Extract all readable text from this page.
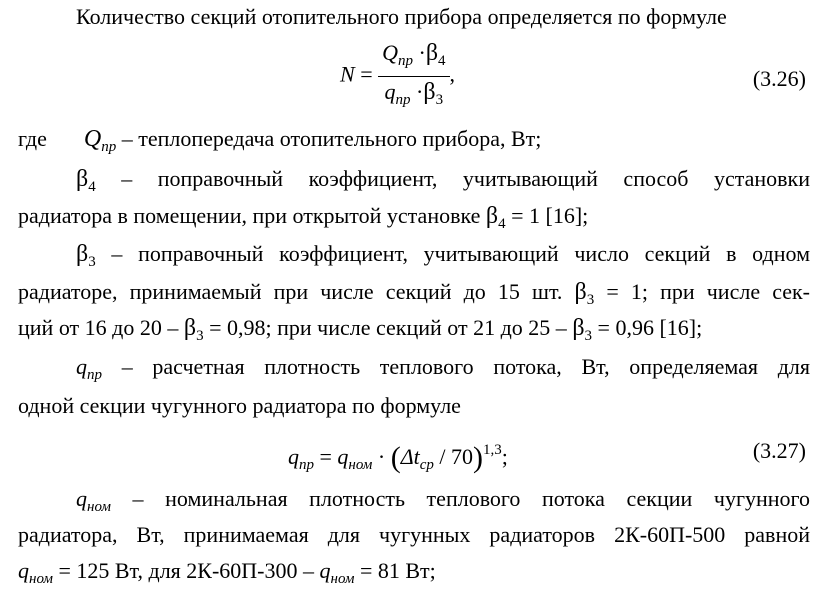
Количество секций отопительного прибора определяется по формуле
$N = \frac{Q_{пр} \cdot\beta_4}{q_{пр} \cdot\beta_3}$ ,	(3.26)
где $Q_{пр}$ – теплопередача отопительного прибора, Вт;
$\beta_4$ – поправочный коэффициент, учитывающий способ установки
радиатора в помещении, при открытой установке $\beta_4 = 1$ [16];
$\beta_3$ – поправочный коэффициент, учитывающий число секций в одном
радиаторе, принимаемый при числе секций до 15 шт. $\beta_3 = 1$; при числе сек-
ций от 16 до $20 - \beta_3 = 0,98$; при числе секций от 21 до $25 - \beta_3 = 0,96$ [16];
$q_{пр}$ – расчетная плотность теплового потока, Вт, определяемая для
одной секции чугунного радиатора по формуле
$q_{пр} = q_{ном} \cdot (\Delta t_{ср} / 70)^{1,3}$;	(3.27)
$q_{ном}$ – номинальная плотность теплового потока секции чугунного
радиатора, Вт, принимаемая для чугунных радиаторов 2К-60П-500 равной
$q_{ном} = 125$ Вт, для $2К-60П-300 - q_{ном} = 81$ Вт;
